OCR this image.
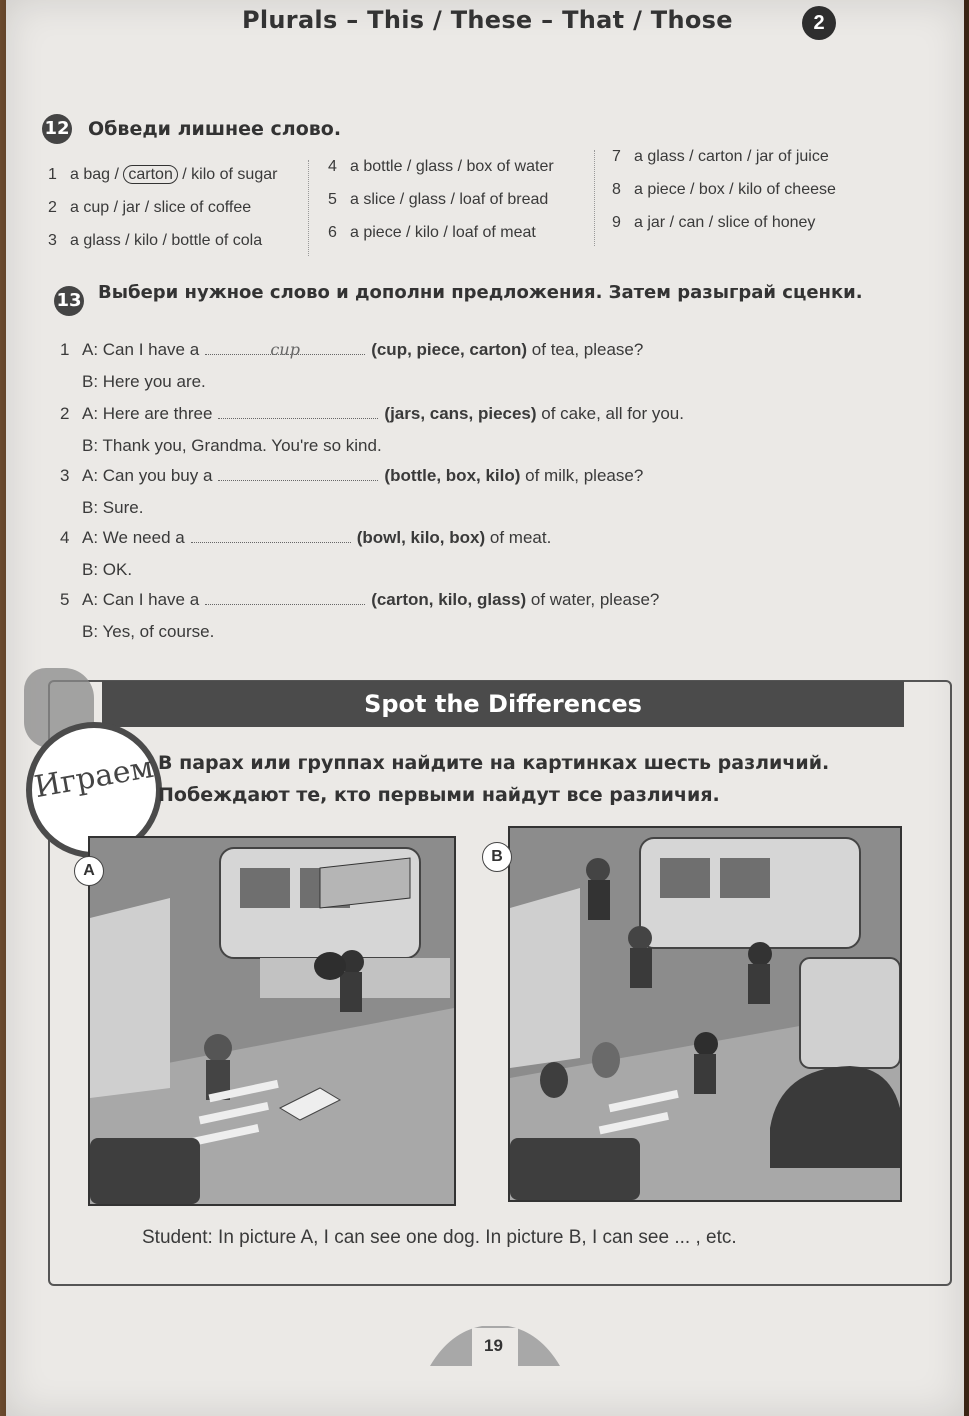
Plurals – This / These – That / Those	2
12 Обведи лишнее слово.
1 a bag / carton / kilo of sugar
2 a cup / jar / slice of coffee
3 a glass / kilo / bottle of cola
4 a bottle / glass / box of water
5 a slice / glass / loaf of bread
6 a piece / kilo / loaf of meat
7 a glass / carton / jar of juice
8 a piece / box / kilo of cheese
9 a jar / can / slice of honey
13 Выбери нужное слово и дополни предложения. Затем разыграй сценки.
1 A: Can I have a	cup	(cup, piece, carton) of tea, please?
B: Here you are.
2 A: Here are three	(jars, cans, pieces) of cake, all for you.
B: Thank you, Grandma. You're so kind.
3 A: Can you buy a	(bottle, box, kilo) of milk, please?
B: Sure.
4 A: We need a	(bowl, kilo, box) of meat.
B: OK.
5 A: Can I have a	(carton, kilo, glass) of water, please?
B: Yes, of course.
Spot the Differences
Играем В парах или группах найдите на картинках шесть различий.
Побеждают те, кто первыми найдут все различия.
A
B
Student: In picture A, I can see one dog. In picture B, I can see ... , etc.
19
